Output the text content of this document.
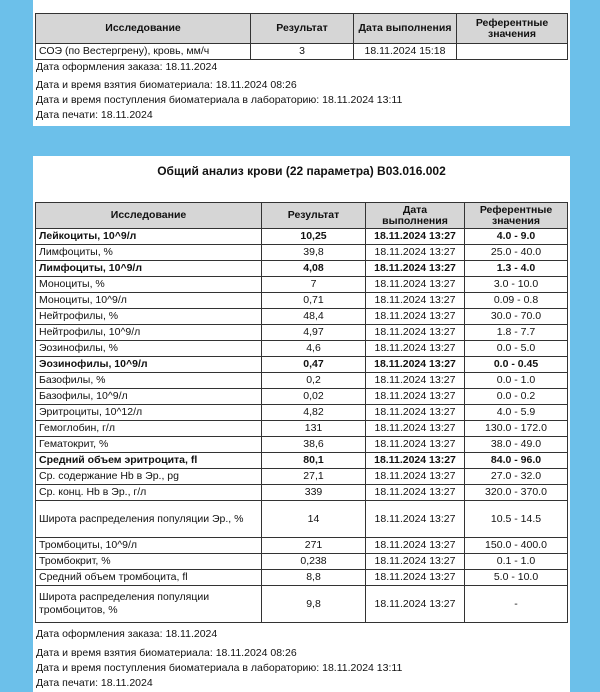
Исследование	Результат	Дата выполнения	Референтные значения
СОЭ (по Вестергрену), кровь, мм/ч	3	18.11.2024 15:18	
Дата оформления заказа: 18.11.2024
Дата и время взятия биоматериала: 18.11.2024 08:26
Дата и время поступления биоматериала в лабораторию: 18.11.2024 13:11
Дата печати: 18.11.2024
Общий анализ крови (22 параметра) B03.016.002
Исследование	Результат	Дата выполнения	Референтные значения
Лейкоциты, 10^9/л	10,25	18.11.2024 13:27	4.0 - 9.0
Лимфоциты, %	39,8	18.11.2024 13:27	25.0 - 40.0
Лимфоциты, 10^9/л	4,08	18.11.2024 13:27	1.3 - 4.0
Моноциты, %	7	18.11.2024 13:27	3.0 - 10.0
Моноциты, 10^9/л	0,71	18.11.2024 13:27	0.09 - 0.8
Нейтрофилы, %	48,4	18.11.2024 13:27	30.0 - 70.0
Нейтрофилы, 10^9/л	4,97	18.11.2024 13:27	1.8 - 7.7
Эозинофилы, %	4,6	18.11.2024 13:27	0.0 - 5.0
Эозинофилы, 10^9/л	0,47	18.11.2024 13:27	0.0 - 0.45
Базофилы, %	0,2	18.11.2024 13:27	0.0 - 1.0
Базофилы, 10^9/л	0,02	18.11.2024 13:27	0.0 - 0.2
Эритроциты, 10^12/л	4,82	18.11.2024 13:27	4.0 - 5.9
Гемоглобин, г/л	131	18.11.2024 13:27	130.0 - 172.0
Гематокрит, %	38,6	18.11.2024 13:27	38.0 - 49.0
Средний объем эритроцита, fl	80,1	18.11.2024 13:27	84.0 - 96.0
Ср. содержание Hb в Эр., pg	27,1	18.11.2024 13:27	27.0 - 32.0
Ср. конц. Hb в Эр., г/л	339	18.11.2024 13:27	320.0 - 370.0
Широта распределения популяции Эр., %	14	18.11.2024 13:27	10.5 - 14.5
Тромбоциты, 10^9/л	271	18.11.2024 13:27	150.0 - 400.0
Тромбокрит, %	0,238	18.11.2024 13:27	0.1 - 1.0
Средний объем тромбоцита, fl	8,8	18.11.2024 13:27	5.0 - 10.0
Широта распределения популяции тромбоцитов, %	9,8	18.11.2024 13:27	-
Дата оформления заказа: 18.11.2024
Дата и время взятия биоматериала: 18.11.2024 08:26
Дата и время поступления биоматериала в лабораторию: 18.11.2024 13:11
Дата печати: 18.11.2024
